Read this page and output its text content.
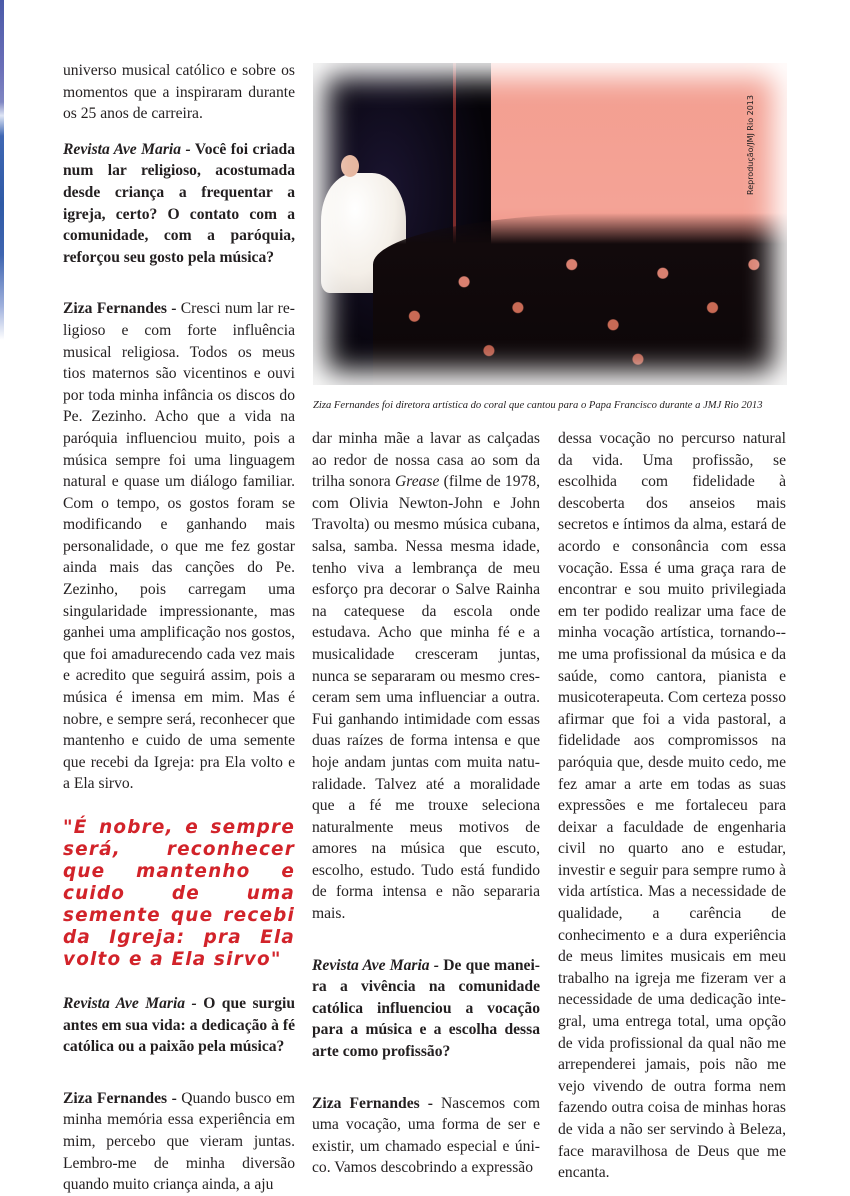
universo musical católico e sobre os momentos que a inspiraram durante os 25 anos de carreira.

Revista Ave Maria - Você foi criada num lar religioso, acostumada desde criança a frequentar a igreja, certo? O contato com a comunidade, com a paróquia, reforçou seu gosto pela música?

Ziza Fernandes - Cresci num lar religioso e com forte influência musical religiosa. Todos os meus tios maternos são vicentinos e ouvi por toda minha infância os discos do Pe. Zezinho. Acho que a vida na paróquia influenciou muito, pois a música sempre foi uma linguagem natural e quase um diálogo familiar. Com o tempo, os gostos foram se modificando e ganhando mais personalidade, o que me fez gostar ainda mais das canções do Pe. Zezinho, pois carregam uma singularidade impressionante, mas ganhei uma amplificação nos gostos, que foi amadurecendo cada vez mais e acredito que seguirá assim, pois a música é imensa em mim. Mas é nobre, e sempre será, reconhecer que mantenho e cuido de uma semente que recebi da Igreja: pra Ela volto e a Ela sirvo.

"É nobre, e sempre será, reconhecer que mantenho e cuido de uma semente que recebi da Igreja: pra Ela volto e a Ela sirvo"

Revista Ave Maria - O que surgiu antes em sua vida: a dedicação à fé católica ou a paixão pela música?

Ziza Fernandes - Quando busco em minha memória essa experiência em mim, percebo que vieram juntas. Lembro-me de minha diversão quando muito criança ainda, a aju

Reprodução/JMJ Rio 2013
Ziza Fernandes foi diretora artística do coral que cantou para o Papa Francisco durante a JMJ Rio 2013

dar minha mãe a lavar as calçadas ao redor de nossa casa ao som da trilha sonora Grease (filme de 1978, com Olivia Newton-John e John Travolta) ou mesmo música cubana, salsa, samba. Nessa mesma idade, tenho viva a lembrança de meu esforço pra decorar o Salve Rainha na catequese da escola onde estudava. Acho que minha fé e a musicalidade cresceram juntas, nunca se separaram ou mesmo cresceram sem uma influenciar a outra. Fui ganhando intimidade com essas duas raízes de forma intensa e que hoje andam juntas com muita naturalidade. Talvez até a moralidade que a fé me trouxe seleciona naturalmente meus motivos de amores na música que escuto, escolho, estudo. Tudo está fundido de forma intensa e não separaria mais.

Revista Ave Maria - De que maneira a vivência na comunidade católica influenciou a vocação para a música e a escolha dessa arte como profissão?

Ziza Fernandes - Nascemos com uma vocação, uma forma de ser e existir, um chamado especial e único. Vamos descobrindo a expressão

dessa vocação no percurso natural da vida. Uma profissão, se escolhida com fidelidade à descoberta dos anseios mais secretos e íntimos da alma, estará de acordo e consonância com essa vocação. Essa é uma graça rara de encontrar e sou muito privilegiada em ter podido realizar uma face de minha vocação artística, tornando--me uma profissional da música e da saúde, como cantora, pianista e musicoterapeuta. Com certeza posso afirmar que foi a vida pastoral, a fidelidade aos compromissos na paróquia que, desde muito cedo, me fez amar a arte em todas as suas expressões e me fortaleceu para deixar a faculdade de engenharia civil no quarto ano e estudar, investir e seguir para sempre rumo à vida artística. Mas a necessidade de qualidade, a carência de conhecimento e a dura experiência de meus limites musicais em meu trabalho na igreja me fizeram ver a necessidade de uma dedicação integral, uma entrega total, uma opção de vida profissional da qual não me arrependerei jamais, pois não me vejo vivendo de outra forma nem fazendo outra coisa de minhas horas de vida a não ser servindo à Beleza, face maravilhosa de Deus que me encanta.
